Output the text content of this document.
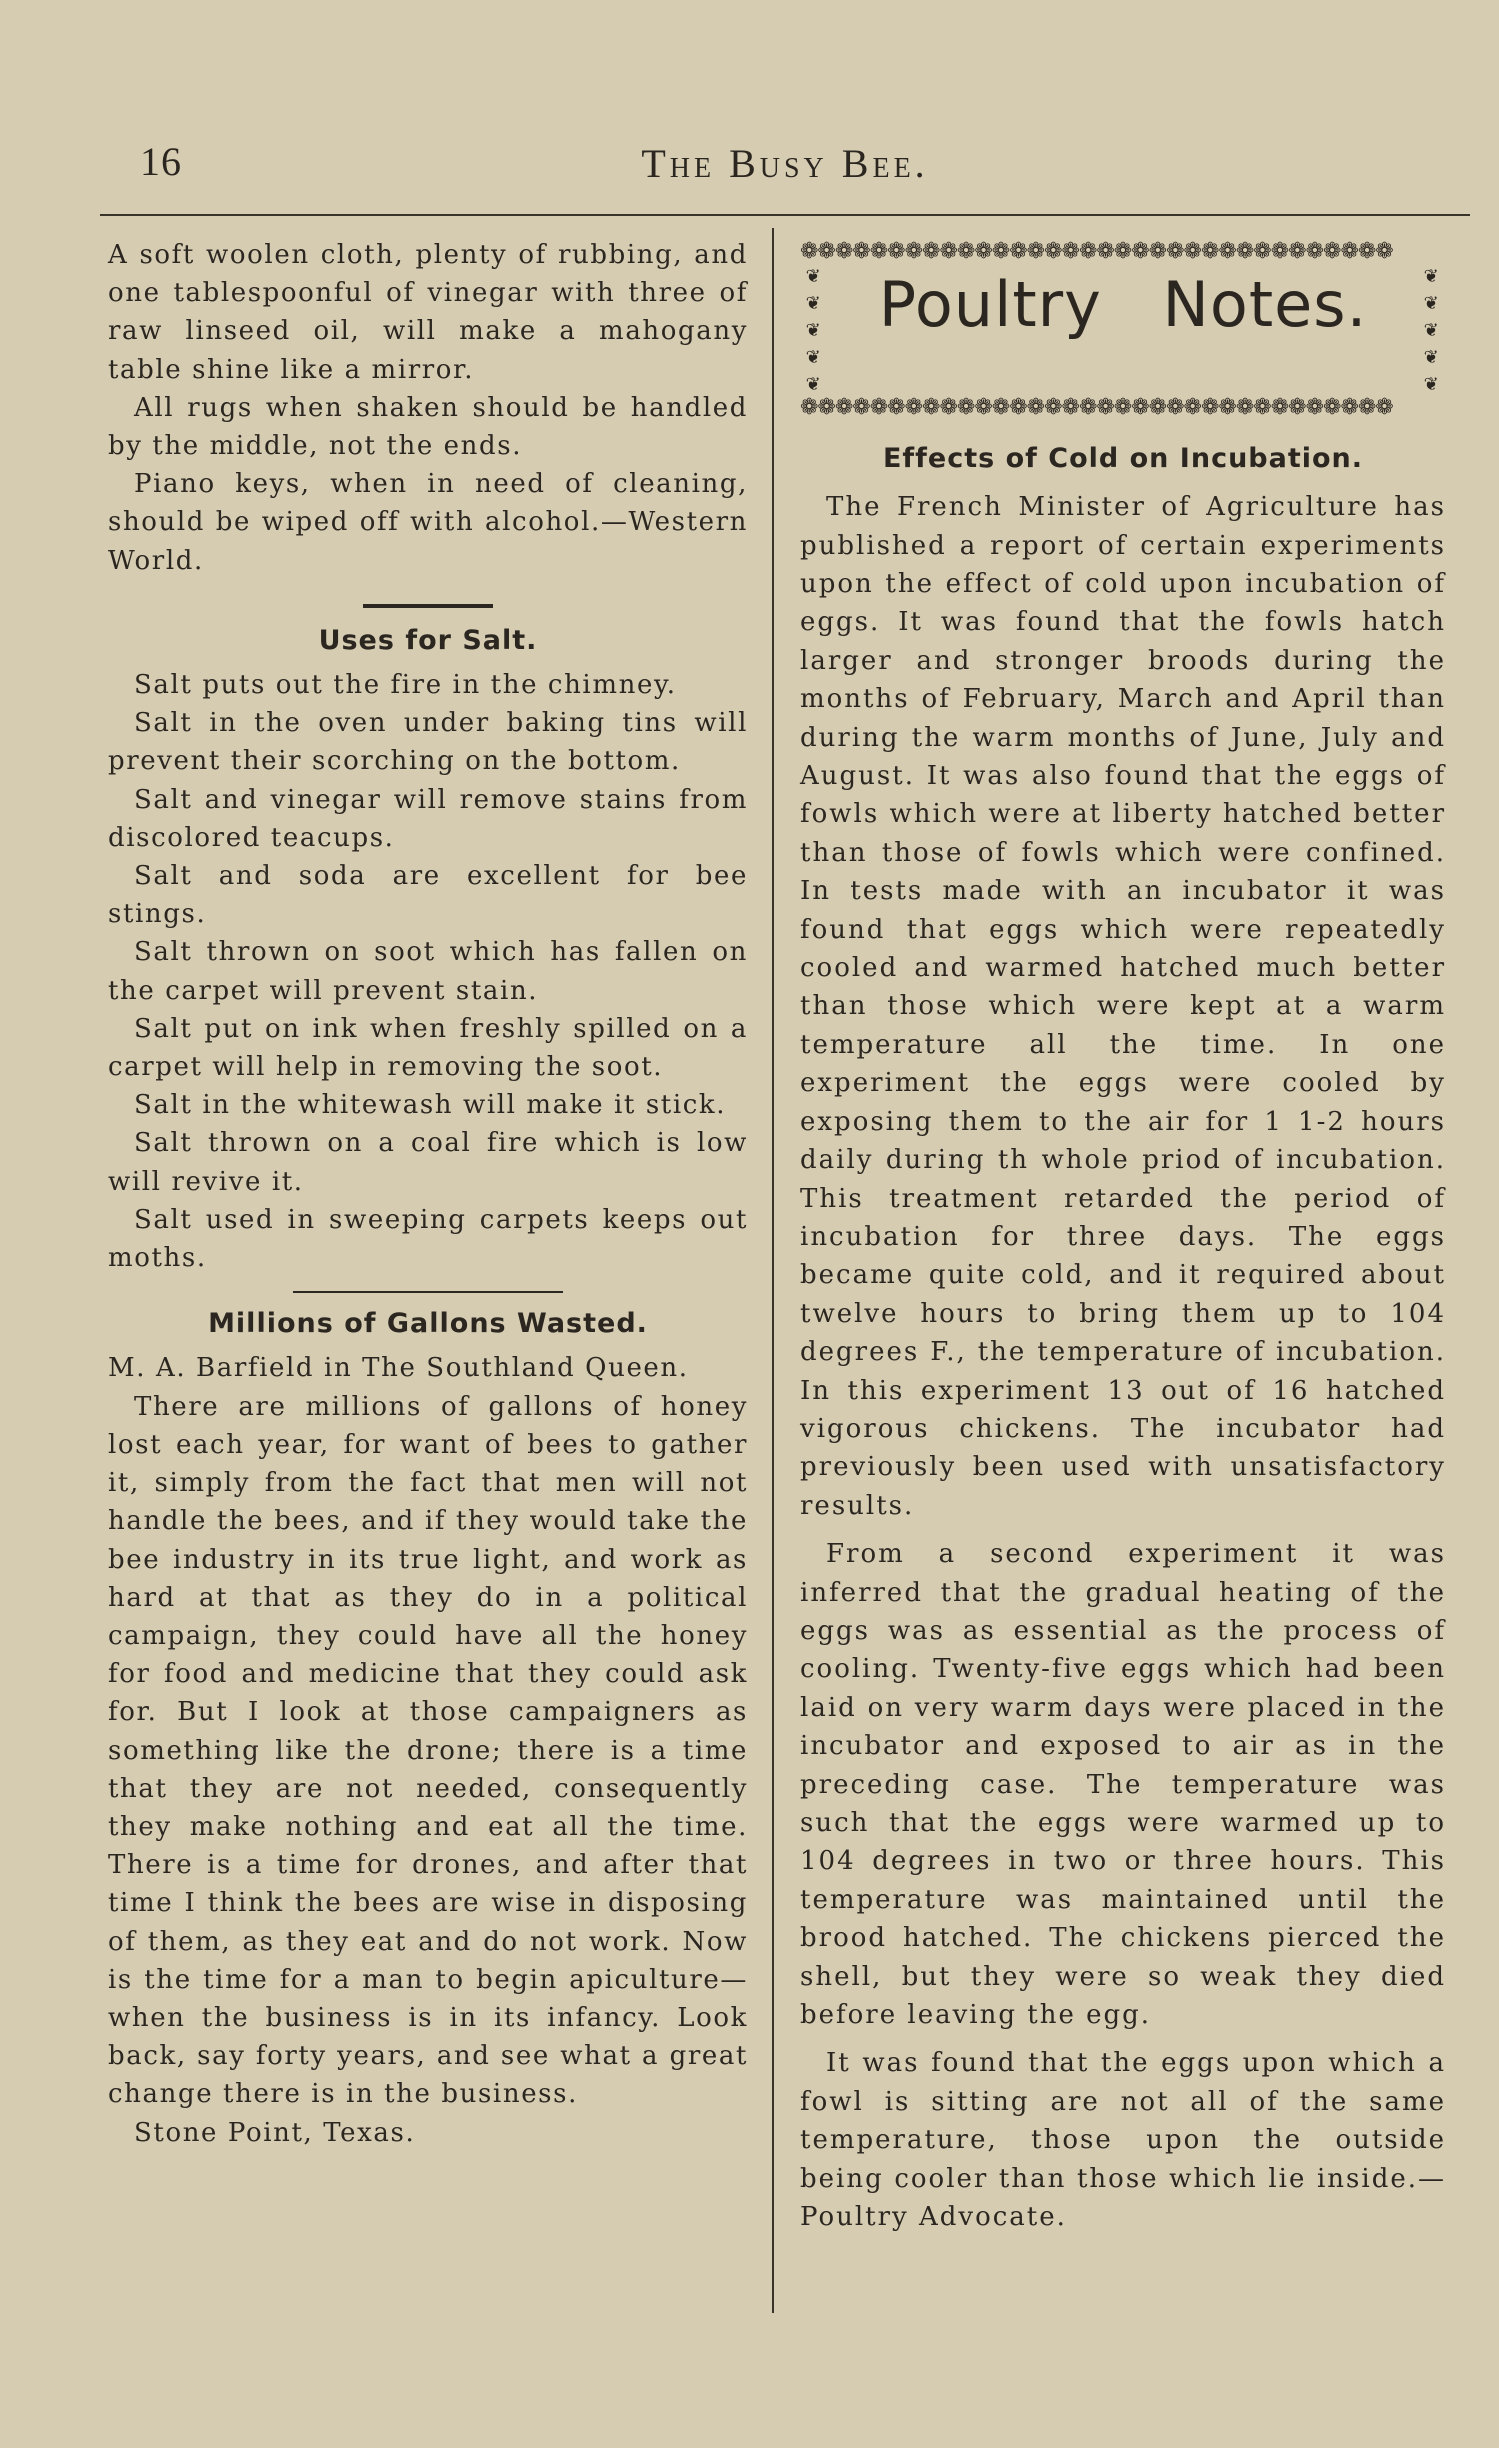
16	The Busy Bee.

A soft woolen cloth, plenty of rubbing, and one tablespoonful of vinegar with three of raw linseed oil, will make a mahogany table shine like a mirror.

All rugs when shaken should be handled by the middle, not the ends.

Piano keys, when in need of cleaning, should be wiped off with alcohol.—Western World.

Uses for Salt.

Salt puts out the fire in the chimney.

Salt in the oven under baking tins will prevent their scorching on the bottom.

Salt and vinegar will remove stains from discolored teacups.

Salt and soda are excellent for bee stings.

Salt thrown on soot which has fallen on the carpet will prevent stain.

Salt put on ink when freshly spilled on a carpet will help in removing the soot.

Salt in the whitewash will make it stick.

Salt thrown on a coal fire which is low will revive it.

Salt used in sweeping carpets keeps out moths.

Millions of Gallons Wasted.

M. A. Barfield in The Southland Queen.

There are millions of gallons of honey lost each year, for want of bees to gather it, simply from the fact that men will not handle the bees, and if they would take the bee industry in its true light, and work as hard at that as they do in a political campaign, they could have all the honey for food and medicine that they could ask for. But I look at those campaigners as something like the drone; there is a time that they are not needed, consequently they make nothing and eat all the time. There is a time for drones, and after that time I think the bees are wise in disposing of them, as they eat and do not work. Now is the time for a man to begin apiculture—when the business is in its infancy. Look back, say forty years, and see what a great change there is in the business.

Stone Point, Texas.

❁❁❁❁❁❁❁❁❁❁❁❁❁❁❁❁❁❁❁❁❁❁❁❁❁❁❁❁❁❁❁❁❁❁
❦
❦
❦
❦
❦
Poultry Notes.	❦
❦
❦
❦
❦
❁❁❁❁❁❁❁❁❁❁❁❁❁❁❁❁❁❁❁❁❁❁❁❁❁❁❁❁❁❁❁❁❁❁
Effects of Cold on Incubation.

The French Minister of Agriculture has published a report of certain experiments upon the effect of cold upon incubation of eggs. It was found that the fowls hatch larger and stronger broods during the months of February, March and April than during the warm months of June, July and August. It was also found that the eggs of fowls which were at liberty hatched better than those of fowls which were confined. In tests made with an incubator it was found that eggs which were repeatedly cooled and warmed hatched much better than those which were kept at a warm temperature all the time. In one experiment the eggs were cooled by exposing them to the air for 1 1-2 hours daily during th whole priod of incubation. This treatment retarded the period of incubation for three days. The eggs became quite cold, and it required about twelve hours to bring them up to 104 degrees F., the temperature of incubation. In this experiment 13 out of 16 hatched vigorous chickens. The incubator had previously been used with unsatisfactory results.

From a second experiment it was inferred that the gradual heating of the eggs was as essential as the process of cooling. Twenty-five eggs which had been laid on very warm days were placed in the incubator and exposed to air as in the preceding case. The temperature was such that the eggs were warmed up to 104 degrees in two or three hours. This temperature was maintained until the brood hatched. The chickens pierced the shell, but they were so weak they died before leaving the egg.

It was found that the eggs upon which a fowl is sitting are not all of the same temperature, those upon the outside being cooler than those which lie inside.—Poultry Advocate.
